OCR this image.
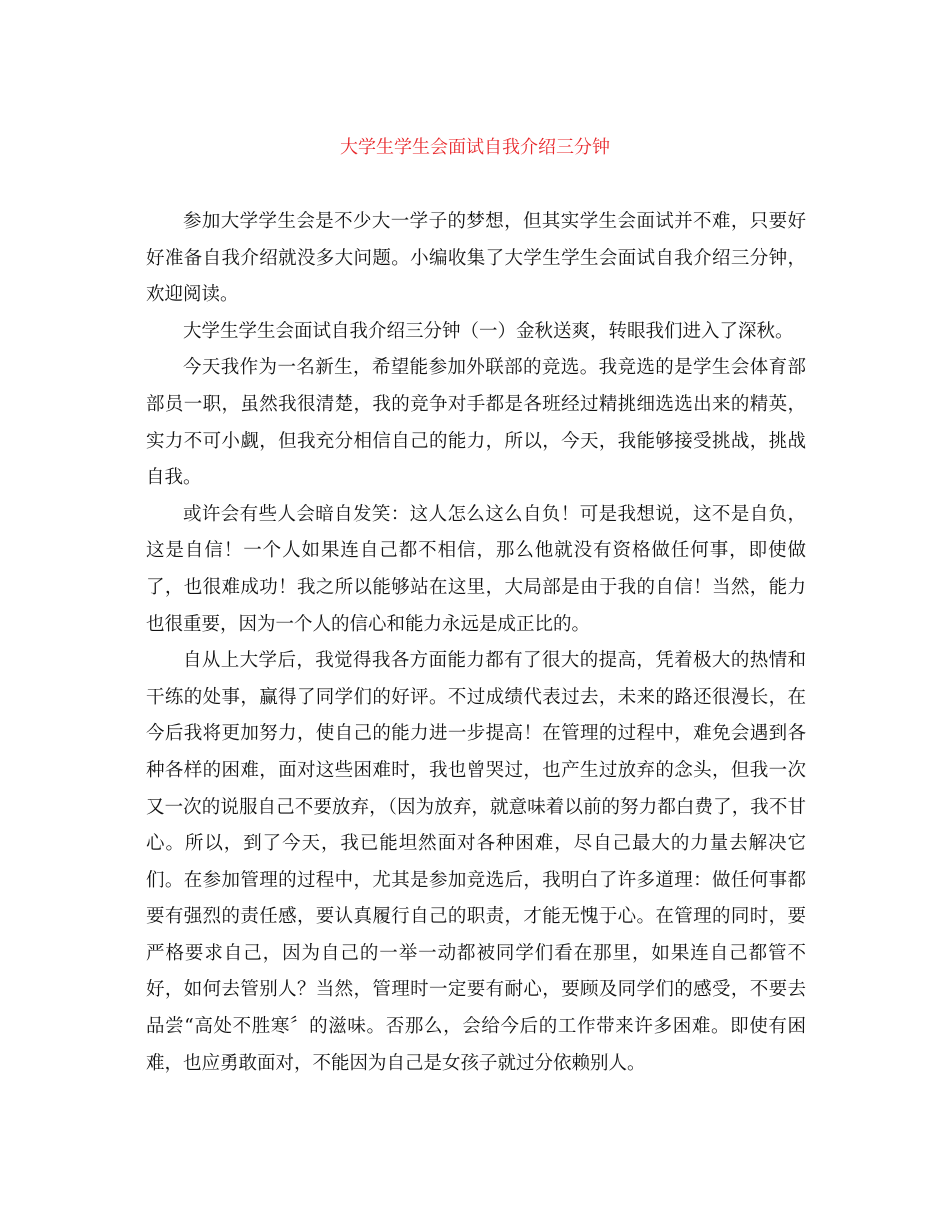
大学生学生会面试自我介绍三分钟

参加大学学生会是不少大一学子的梦想，但其实学生会面试并不难，只要好好准备自我介绍就没多大问题。小编收集了大学生学生会面试自我介绍三分钟，欢迎阅读。

大学生学生会面试自我介绍三分钟（一）金秋送爽，转眼我们进入了深秋。

今天我作为一名新生，希望能参加外联部的竞选。我竞选的是学生会体育部部员一职，虽然我很清楚，我的竞争对手都是各班经过精挑细选选出来的精英，实力不可小觑，但我充分相信自己的能力，所以，今天，我能够接受挑战，挑战自我。

或许会有些人会暗自发笑：这人怎么这么自负！可是我想说，这不是自负，这是自信！一个人如果连自己都不相信，那么他就没有资格做任何事，即使做了，也很难成功！我之所以能够站在这里，大局部是由于我的自信！当然，能力也很重要，因为一个人的信心和能力永远是成正比的。

自从上大学后，我觉得我各方面能力都有了很大的提高，凭着极大的热情和干练的处事，赢得了同学们的好评。不过成绩代表过去，未来的路还很漫长，在今后我将更加努力，使自己的能力进一步提高！在管理的过程中，难免会遇到各种各样的困难，面对这些困难时，我也曾哭过，也产生过放弃的念头，但我一次又一次的说服自己不要放弃，（因为放弃，就意味着以前的努力都白费了，我不甘心。所以，到了今天，我已能坦然面对各种困难，尽自己最大的力量去解决它们。在参加管理的过程中，尤其是参加竞选后，我明白了许多道理：做任何事都要有强烈的责任感，要认真履行自己的职责，才能无愧于心。在管理的同时，要严格要求自己，因为自己的一举一动都被同学们看在那里，如果连自己都管不好，如何去管别人？当然，管理时一定要有耐心，要顾及同学们的感受，不要去品尝“高处不胜寒〞的滋味。否那么，会给今后的工作带来许多困难。即使有困难，也应勇敢面对，不能因为自己是女孩子就过分依赖别人。
